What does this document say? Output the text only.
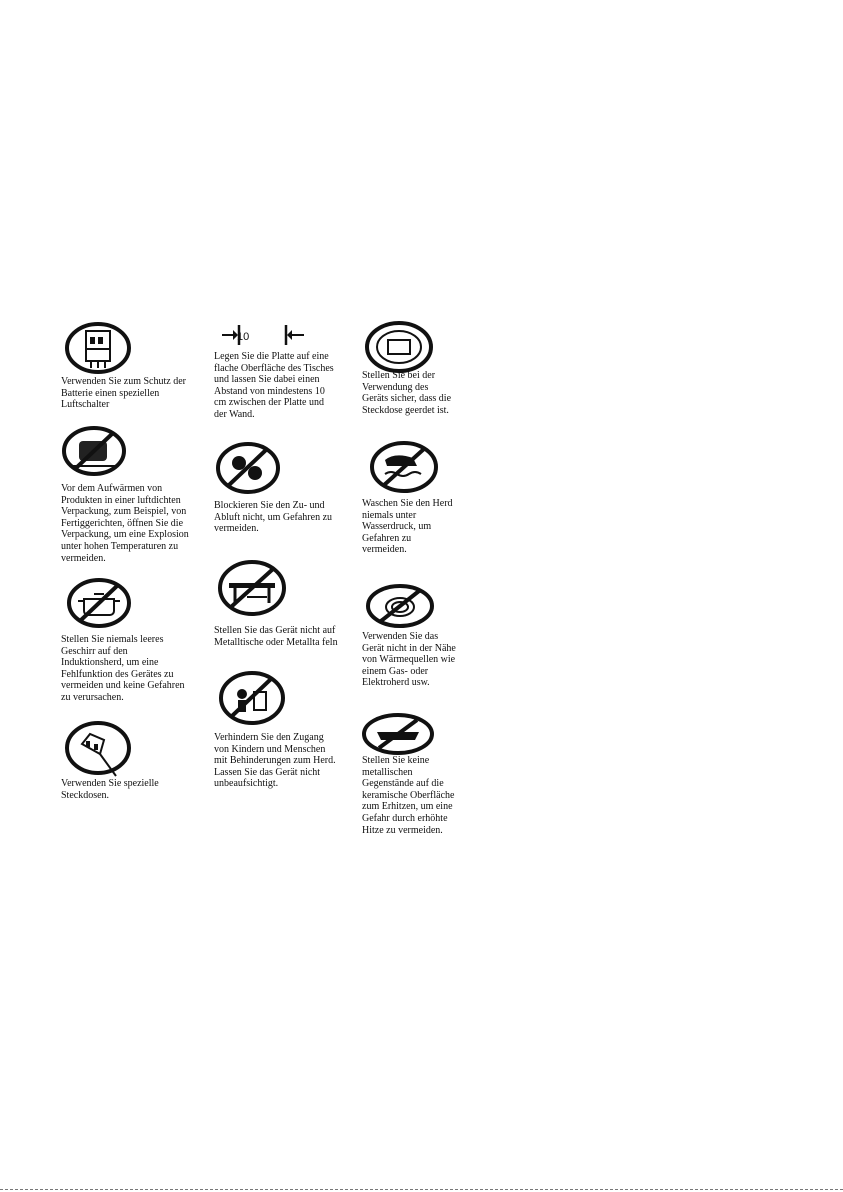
Verwenden Sie zum Schutz der
Batterie einen speziellen
Luftschalter
Vor dem Aufwärmen von
Produkten in einer luftdichten
Verpackung, zum Beispiel, von
Fertiggerichten, öffnen Sie die
Verpackung, um eine Explosion
unter hohen Temperaturen zu
vermeiden.
Stellen Sie niemals leeres
Geschirr auf den
Induktionsherd, um eine
Fehlfunktion des Gerätes zu
vermeiden und keine Gefahren
zu verursachen.
Verwenden Sie spezielle
Steckdosen.
10
Legen Sie die Platte auf eine
flache Oberfläche des Tisches
und lassen Sie dabei einen
Abstand von mindestens 10
cm zwischen der Platte und
der Wand.
Blockieren Sie den Zu- und
Abluft nicht, um Gefahren zu
vermeiden.
Stellen Sie das Gerät nicht auf
Metalltische oder Metallta feln
Verhindern Sie den Zugang
von Kindern und Menschen
mit Behinderungen zum Herd.
Lassen Sie das Gerät nicht
unbeaufsichtigt.
Stellen Sie bei der
Verwendung des
Geräts sicher, dass die
Steckdose geerdet ist.
Waschen Sie den Herd
niemals unter
Wasserdruck, um
Gefahren zu
vermeiden.
Verwenden Sie das
Gerät nicht in der Nähe
von Wärmequellen wie
einem Gas- oder
Elektroherd usw.
Stellen Sie keine
metallischen
Gegenstände auf die
keramische Oberfläche
zum Erhitzen, um eine
Gefahr durch erhöhte
Hitze zu vermeiden.
